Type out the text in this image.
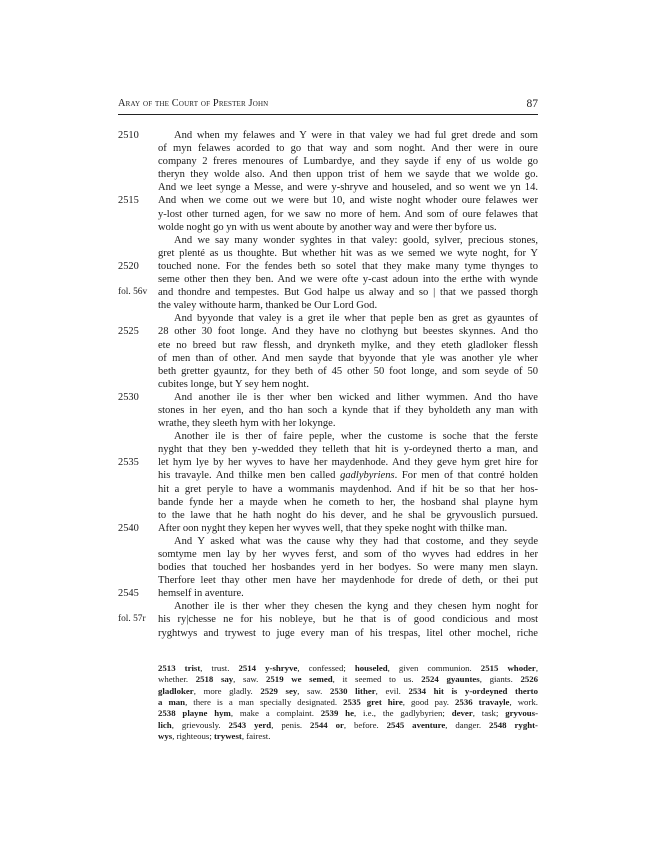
Aray of the Court of Prester John	87
2510	And when my felawes and Y were in that valey we had ful gret drede and som
of myn felawes acorded to go that way and som noght. And ther were in oure
company 2 freres menoures of Lumbardye, and they sayde if eny of us wolde go
theryn they wolde also. And then uppon trist of hem we sayde that we wolde go.
And we leet synge a Messe, and were y-shryve and houseled, and so went we yn 14.
2515 And when we come out we were but 10, and wiste noght whoder oure felawes wer
y-lost other turned agen, for we saw no more of hem. And som of oure felawes that
wolde noght go yn with us went aboute by another way and were ther byfore us.
And we say many wonder syghtes in that valey: goold, sylver, precious stones,
gret plenté as us thoughte. But whether hit was as we semed we wyte noght, for Y
2520 touched none. For the fendes beth so sotel that they make many tyme thynges to
seme other then they ben. And we were ofte y-cast adoun into the erthe with wynde
fol. 56v and thondre and tempestes. But God halpe us alway and so | that we passed thorgh
the valey withoute harm, thanked be Our Lord God.
And byyonde that valey is a gret ile wher that peple ben as gret as gyauntes of
2525 28 other 30 foot longe. And they have no clothyng but beestes skynnes. And tho
ete no breed but raw flessh, and drynketh mylke, and they eteth gladloker flessh
of men than of other. And men sayde that byyonde that yle was another yle wher
beth gretter gyauntz, for they beth of 45 other 50 foot longe, and som seyde of 50
cubites longe, but Y sey hem noght.
2530	And another ile is ther wher ben wicked and lither wymmen. And tho have
stones in her eyen, and tho han soch a kynde that if they byholdeth any man with
wrathe, they sleeth hym with her lokynge.
Another ile is ther of faire peple, wher the custome is soche that the ferste
nyght that they ben y-wedded they telleth that hit is y-ordeyned therto a man, and
2535 let hym lye by her wyves to have her maydenhode. And they geve hym gret hire for
his travayle. And thilke men ben called gadlybyriens. For men of that contré holden
hit a gret peryle to have a wommanis maydenhod. And if hit be so that her hos-
bande fynde her a mayde when he cometh to her, the hosband shal playne hym
to the lawe that he hath noght do his dever, and he shal be gryvouslich pursued.
2540 After oon nyght they kepen her wyves well, that they speke noght with thilke man.
And Y asked what was the cause why they had that costome, and they seyde
somtyme men lay by her wyves ferst, and som of tho wyves had eddres in her
bodies that touched her hosbandes yerd in her bodyes. So were many men slayn.
Therfore leet thay other men have her maydenhode for drede of deth, or thei put
2545 hemself in aventure.
Another ile is ther wher they chesen the kyng and they chesen hym noght for
fol. 57r his ry|chesse ne for his nobleye, but he that is of good condicious and most
ryghtwys and trywest to juge every man of his trespas, litel other mochel, riche
2513 trist, trust. 2514 y-shryve, confessed; houseled, given communion. 2515 whoder,
whether. 2518 say, saw. 2519 we semed, it seemed to us. 2524 gyauntes, giants. 2526
gladloker, more gladly. 2529 sey, saw. 2530 lither, evil. 2534 hit is y-ordeyned therto
a man, there is a man specially designated. 2535 gret hire, good pay. 2536 travayle, work.
2538 playne hym, make a complaint. 2539 he, i.e., the gadlybyrien; dever, task; gryvous-
lich, grievously. 2543 yerd, penis. 2544 or, before. 2545 aventure, danger. 2548 ryght-
wys, righteous; trywest, fairest.
